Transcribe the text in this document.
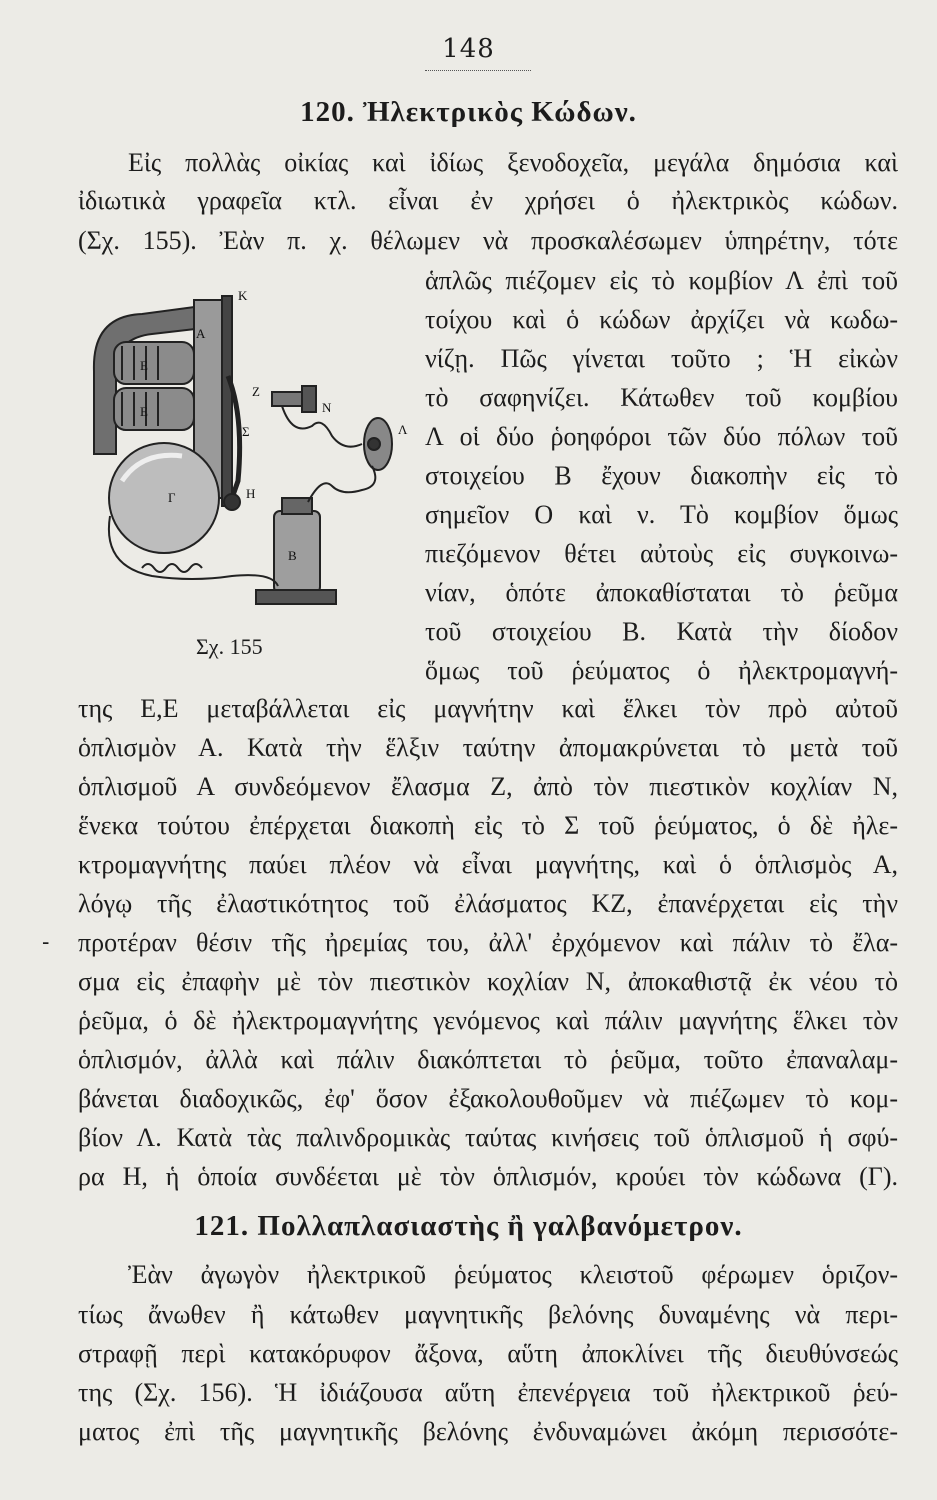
148
120. Ἠλεκτρικὸς Κώδων.
Εἰς πολλὰς οἰκίας καὶ ἰδίως ξενοδοχεῖα, μεγάλα δημόσια καὶ
ἰδιωτικὰ γραφεῖα κτλ. εἶναι ἐν χρήσει ὁ ἠλεκτρικὸς κώδων.
(Σχ. 155). Ἐὰν π. χ. θέλωμεν νὰ προσκαλέσωμεν ὑπηρέτην, τότε
ἁπλῶς πιέζομεν εἰς τὸ κομβίον Λ ἐπὶ τοῦ
τοίχου καὶ ὁ κώδων ἀρχίζει νὰ κωδω-
νίζῃ. Πῶς γίνεται τοῦτο ; Ἡ εἰκὼν
τὸ σαφηνίζει. Κάτωθεν τοῦ κομβίου
Λ οἱ δύο ῥοηφόροι τῶν δύο πόλων τοῦ
στοιχείου Β ἔχουν διακοπὴν εἰς τὸ
σημεῖον Ο καὶ ν. Τὸ κομβίον ὅμως
πιεζόμενον θέτει αὐτοὺς εἰς συγκοινω-
νίαν, ὁπότε ἀποκαθίσταται τὸ ῥεῦμα
τοῦ στοιχείου Β. Κατὰ τὴν δίοδον
ὅμως τοῦ ῥεύματος ὁ ἠλεκτρομαγνή-
της Ε,Ε μεταβάλλεται εἰς μαγνήτην καὶ ἕλκει τὸν πρὸ αὐτοῦ
ὁπλισμὸν Α. Κατὰ τὴν ἕλξιν ταύτην ἀπομακρύνεται τὸ μετὰ τοῦ
ὁπλισμοῦ Α συνδεόμενον ἔλασμα Ζ, ἀπὸ τὸν πιεστικὸν κοχλίαν Ν,
ἕνεκα τούτου ἐπέρχεται διακοπὴ εἰς τὸ Σ τοῦ ῥεύματος, ὁ δὲ ἠλε-
κτρομαγνήτης παύει πλέον νὰ εἶναι μαγνήτης, καὶ ὁ ὁπλισμὸς Α,
λόγῳ τῆς ἐλαστικότητος τοῦ ἐλάσματος ΚΖ, ἐπανέρχεται εἰς τὴν
προτέραν θέσιν τῆς ἠρεμίας του, ἀλλ' ἐρχόμενον καὶ πάλιν τὸ ἔλα-
σμα εἰς ἐπαφὴν μὲ τὸν πιεστικὸν κοχλίαν Ν, ἀποκαθιστᾷ ἐκ νέου τὸ
ῥεῦμα, ὁ δὲ ἠλεκτρομαγνήτης γενόμενος καὶ πάλιν μαγνήτης ἕλκει τὸν
ὁπλισμόν, ἀλλὰ καὶ πάλιν διακόπτεται τὸ ῥεῦμα, τοῦτο ἐπαναλαμ-
βάνεται διαδοχικῶς, ἐφ' ὅσον ἐξακολουθοῦμεν νὰ πιέζωμεν τὸ κομ-
βίον Λ. Κατὰ τὰς παλινδρομικὰς ταύτας κινήσεις τοῦ ὁπλισμοῦ ἡ σφύ-
ρα Η, ἡ ὁποία συνδέεται μὲ τὸν ὁπλισμόν, κρούει τὸν κώδωνα (Γ).
121. Πολλαπλασιαστὴς ἢ γαλβανόμετρον.
Ἐὰν ἀγωγὸν ἠλεκτρικοῦ ῥεύματος κλειστοῦ φέρωμεν ὁριζον-
τίως ἄνωθεν ἢ κάτωθεν μαγνητικῆς βελόνης δυναμένης νὰ περι-
στραφῇ περὶ κατακόρυφον ἄξονα, αὕτη ἀποκλίνει τῆς διευθύνσεώς
της (Σχ. 156). Ἡ ἰδιάζουσα αὕτη ἐπενέργεια τοῦ ἠλεκτρικοῦ ῥεύ-
ματος ἐπὶ τῆς μαγνητικῆς βελόνης ἐνδυναμώνει ἀκόμη περισσότε-
-
Κ
Α
Ε
Ε
Ζ
Ν
Σ	Λ
Γ	Η
Β
Σχ. 155
